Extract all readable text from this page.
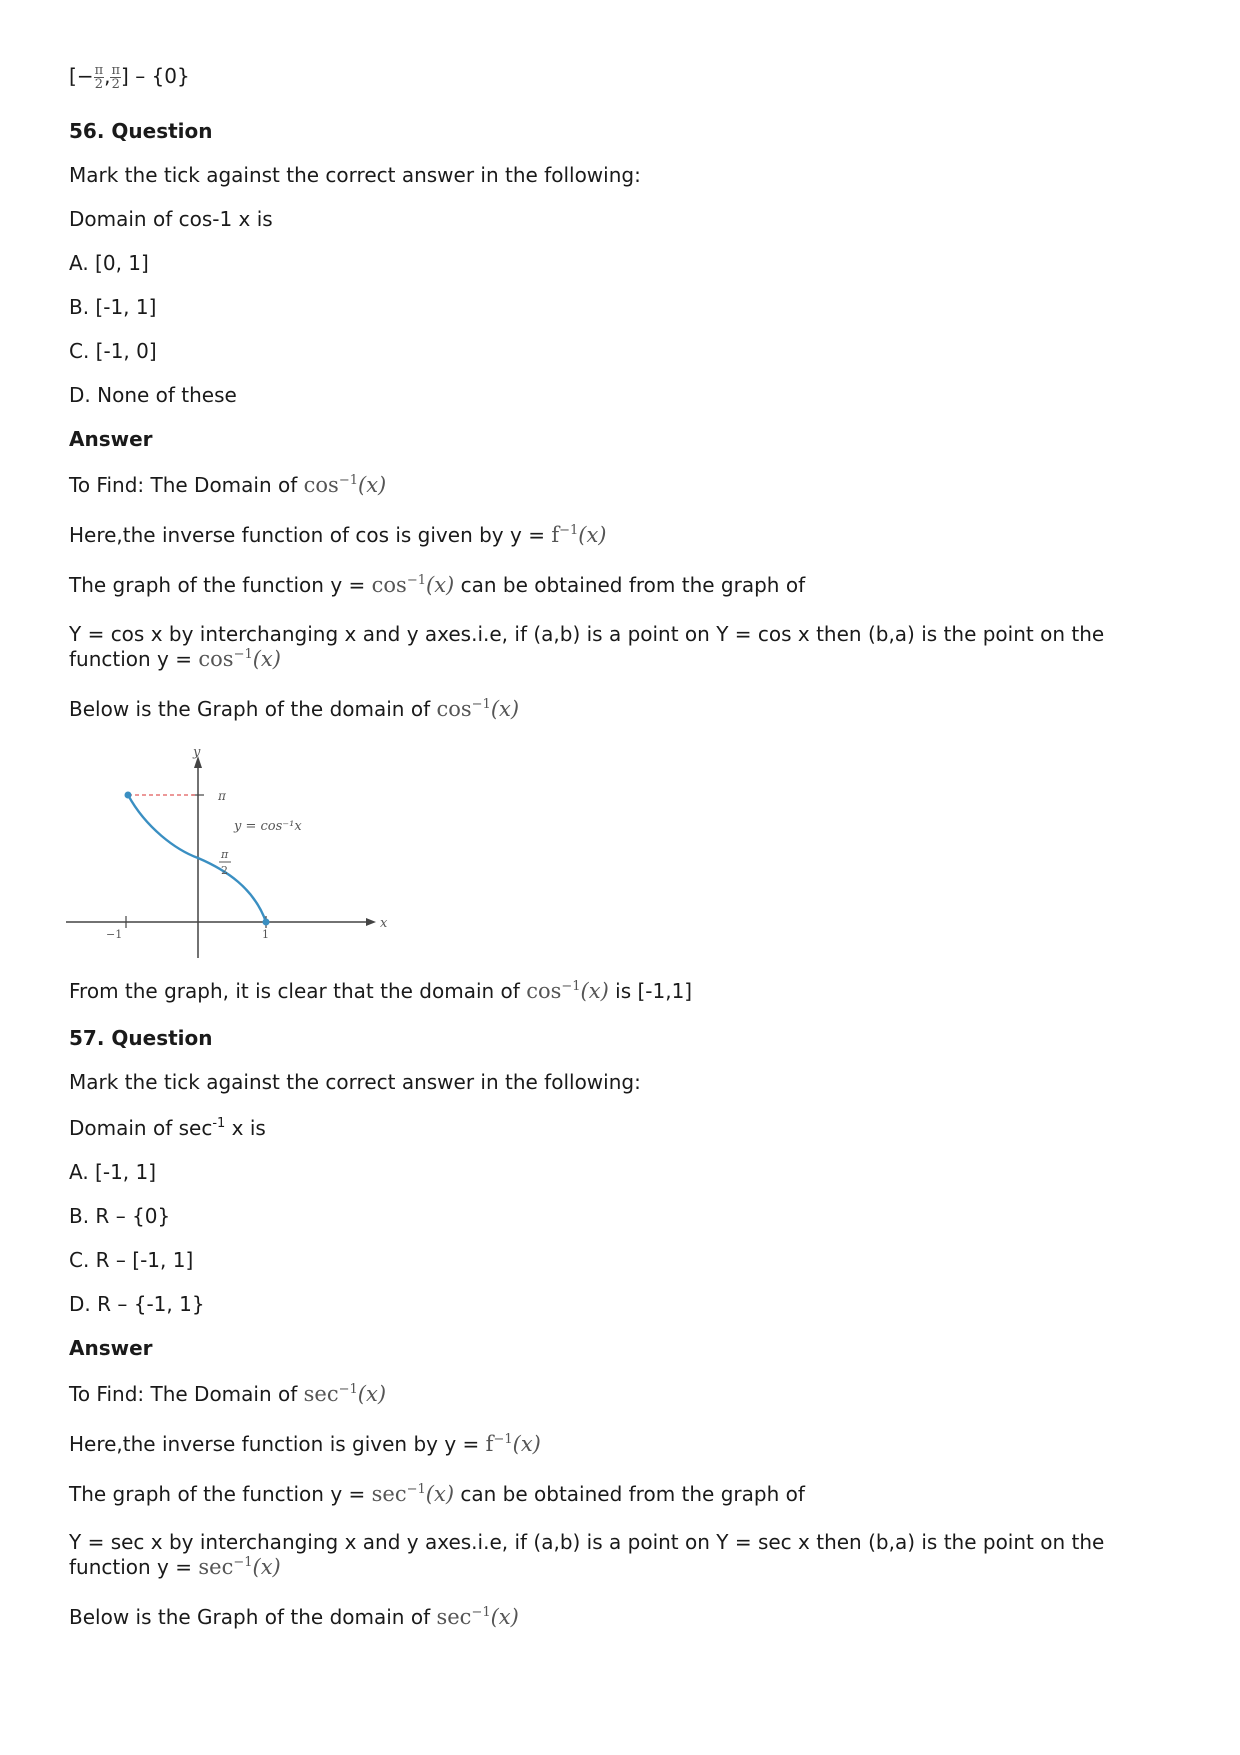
[− $\frac{\pi}{2}$ , $\frac{\pi}{2}$ ] – {0}
56. Question
Mark the tick against the correct answer in the following:
Domain of cos-1 x is
A. [0, 1]
B. [-1, 1]
C. [-1, 0]
D. None of these
Answer
To Find: The Domain of $\cos^{-1}(x)$
Here,the inverse function of cos is given by $y = f^{-1}(x)$
The graph of the function $y = \cos^{-1}(x)$ can be obtained from the graph of
Y = cos x by interchanging x and y axes.i.e, if (a,b) is a point on Y = cos x then (b,a) is the point on the
function $y = \cos^{-1}(x)$
Below is the Graph of the domain of $\cos^{-1}(x)$
y
x
π
π
2
y = cos⁻¹x
−1	1
From the graph, it is clear that the domain of $\cos^{-1}(x)$ is [-1,1]
57. Question
Mark the tick against the correct answer in the following:
Domain of $\sec^{-1} x$ is
A. [-1, 1]
B. R – {0}
C. R – [-1, 1]
D. R – {-1, 1}
Answer
To Find: The Domain of $\sec^{-1}(x)$
Here,the inverse function is given by $y = f^{-1}(x)$
The graph of the function $y = \sec^{-1}(x)$ can be obtained from the graph of
Y = sec x by interchanging x and y axes.i.e, if (a,b) is a point on Y = sec x then (b,a) is the point on the
function $y = \sec^{-1}(x)$
Below is the Graph of the domain of $\sec^{-1}(x)$
